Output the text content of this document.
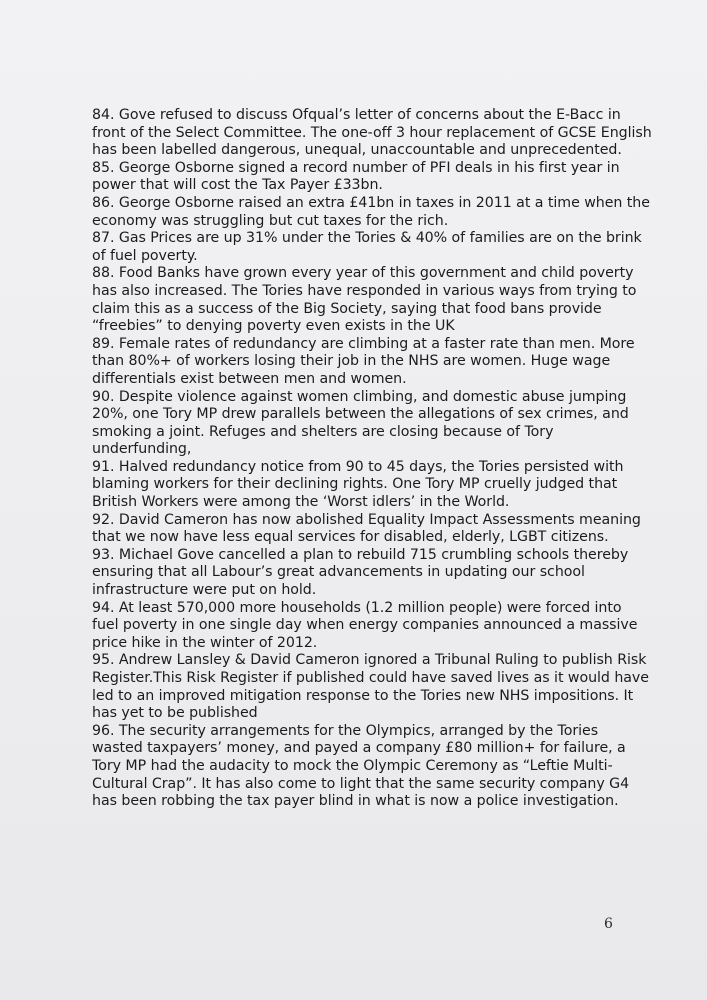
84. Gove refused to discuss Ofqual’s letter of concerns about the E-Bacc in front of the Select Committee. The one-off 3 hour replacement of GCSE English has been labelled dangerous, unequal, unaccountable and unprecedented.

85. George Osborne signed a record number of PFI deals in his first year in power that will cost the Tax Payer £33bn.

86. George Osborne raised an extra £41bn in taxes in 2011 at a time when the economy was struggling but cut taxes for the rich.

87. Gas Prices are up 31% under the Tories & 40% of families are on the brink of fuel poverty.

88. Food Banks have grown every year of this government and child poverty has also increased. The Tories have responded in various ways from trying to claim this as a success of the Big Society, saying that food bans provide “freebies” to denying poverty even exists in the UK

89. Female rates of redundancy are climbing at a faster rate than men. More than 80%+ of workers losing their job in the NHS are women. Huge wage differentials exist between men and women.

90. Despite violence against women climbing, and domestic abuse jumping 20%, one Tory MP drew parallels between the allegations of sex crimes, and smoking a joint. Refuges and shelters are closing because of Tory underfunding,

91. Halved redundancy notice from 90 to 45 days, the Tories persisted with blaming workers for their declining rights. One Tory MP cruelly judged that British Workers were among the ‘Worst idlers’ in the World.

92. David Cameron has now abolished Equality Impact Assessments meaning that we now have less equal services for disabled, elderly, LGBT citizens.

93. Michael Gove cancelled a plan to rebuild 715 crumbling schools thereby ensuring that all Labour’s great advancements in updating our school infrastructure were put on hold.

94. At least 570,000 more households (1.2 million people) were forced into fuel poverty in one single day when energy companies announced a massive price hike in the winter of 2012.

95. Andrew Lansley & David Cameron ignored a Tribunal Ruling to publish Risk Register.This Risk Register if published could have saved lives as it would have led to an improved mitigation response to the Tories new NHS impositions. It has yet to be published

96. The security arrangements for the Olympics, arranged by the Tories wasted taxpayers’ money, and payed a company £80 million+ for failure, a Tory MP had the audacity to mock the Olympic Ceremony as “Leftie Multi-Cultural Crap”. It has also come to light that the same security company G4 has been robbing the tax payer blind in what is now a police investigation.

6
